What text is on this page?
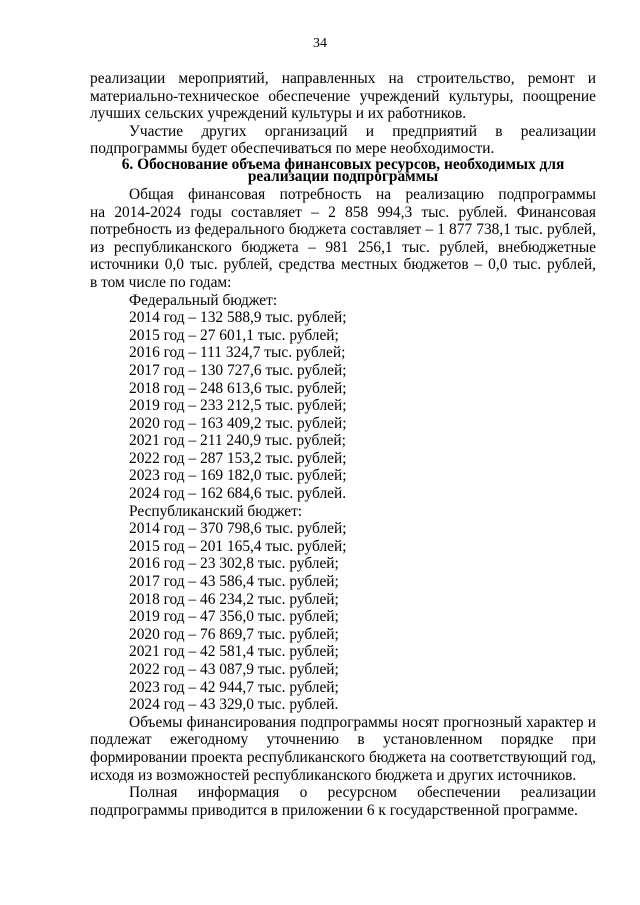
34

реализации мероприятий, направленных на строительство, ремонт и

материально-техническое обеспечение учреждений культуры, поощрение

лучших сельских учреждений культуры и их работников.

Участие других организаций и предприятий в реализации

подпрограммы будет обеспечиваться по мере необходимости.

6. Обоснование объема финансовых ресурсов, необходимых для
реализации подпрограммы

Общая финансовая потребность на реализацию подпрограммы

на 2014-2024 годы составляет – 2 858 994,3 тыс. рублей. Финансовая

потребность из федерального бюджета составляет – 1 877 738,1 тыс. рублей,

из республиканского бюджета – 981 256,1 тыс. рублей, внебюджетные

источники 0,0 тыс. рублей, средства местных бюджетов – 0,0 тыс. рублей,

в том числе по годам:

Федеральный бюджет:
2014 год – 132 588,9 тыс. рублей;
2015 год – 27 601,1 тыс. рублей;
2016 год – 111 324,7 тыс. рублей;
2017 год – 130 727,6 тыс. рублей;
2018 год – 248 613,6 тыс. рублей;
2019 год – 233 212,5 тыс. рублей;
2020 год – 163 409,2 тыс. рублей;
2021 год – 211 240,9 тыс. рублей;
2022 год – 287 153,2 тыс. рублей;
2023 год – 169 182,0 тыс. рублей;
2024 год – 162 684,6 тыс. рублей.
Республиканский бюджет:
2014 год – 370 798,6 тыс. рублей;
2015 год – 201 165,4 тыс. рублей;
2016 год – 23 302,8 тыс. рублей;
2017 год – 43 586,4 тыс. рублей;
2018 год – 46 234,2 тыс. рублей;
2019 год – 47 356,0 тыс. рублей;
2020 год – 76 869,7 тыс. рублей;
2021 год – 42 581,4 тыс. рублей;
2022 год – 43 087,9 тыс. рублей;
2023 год – 42 944,7 тыс. рублей;
2024 год – 43 329,0 тыс. рублей.

Объемы финансирования подпрограммы носят прогнозный характер и

подлежат ежегодному уточнению в установленном порядке при

формировании проекта республиканского бюджета на соответствующий год,

исходя из возможностей республиканского бюджета и других источников.

Полная информация о ресурсном обеспечении реализации

подпрограммы приводится в приложении 6 к государственной программе.
